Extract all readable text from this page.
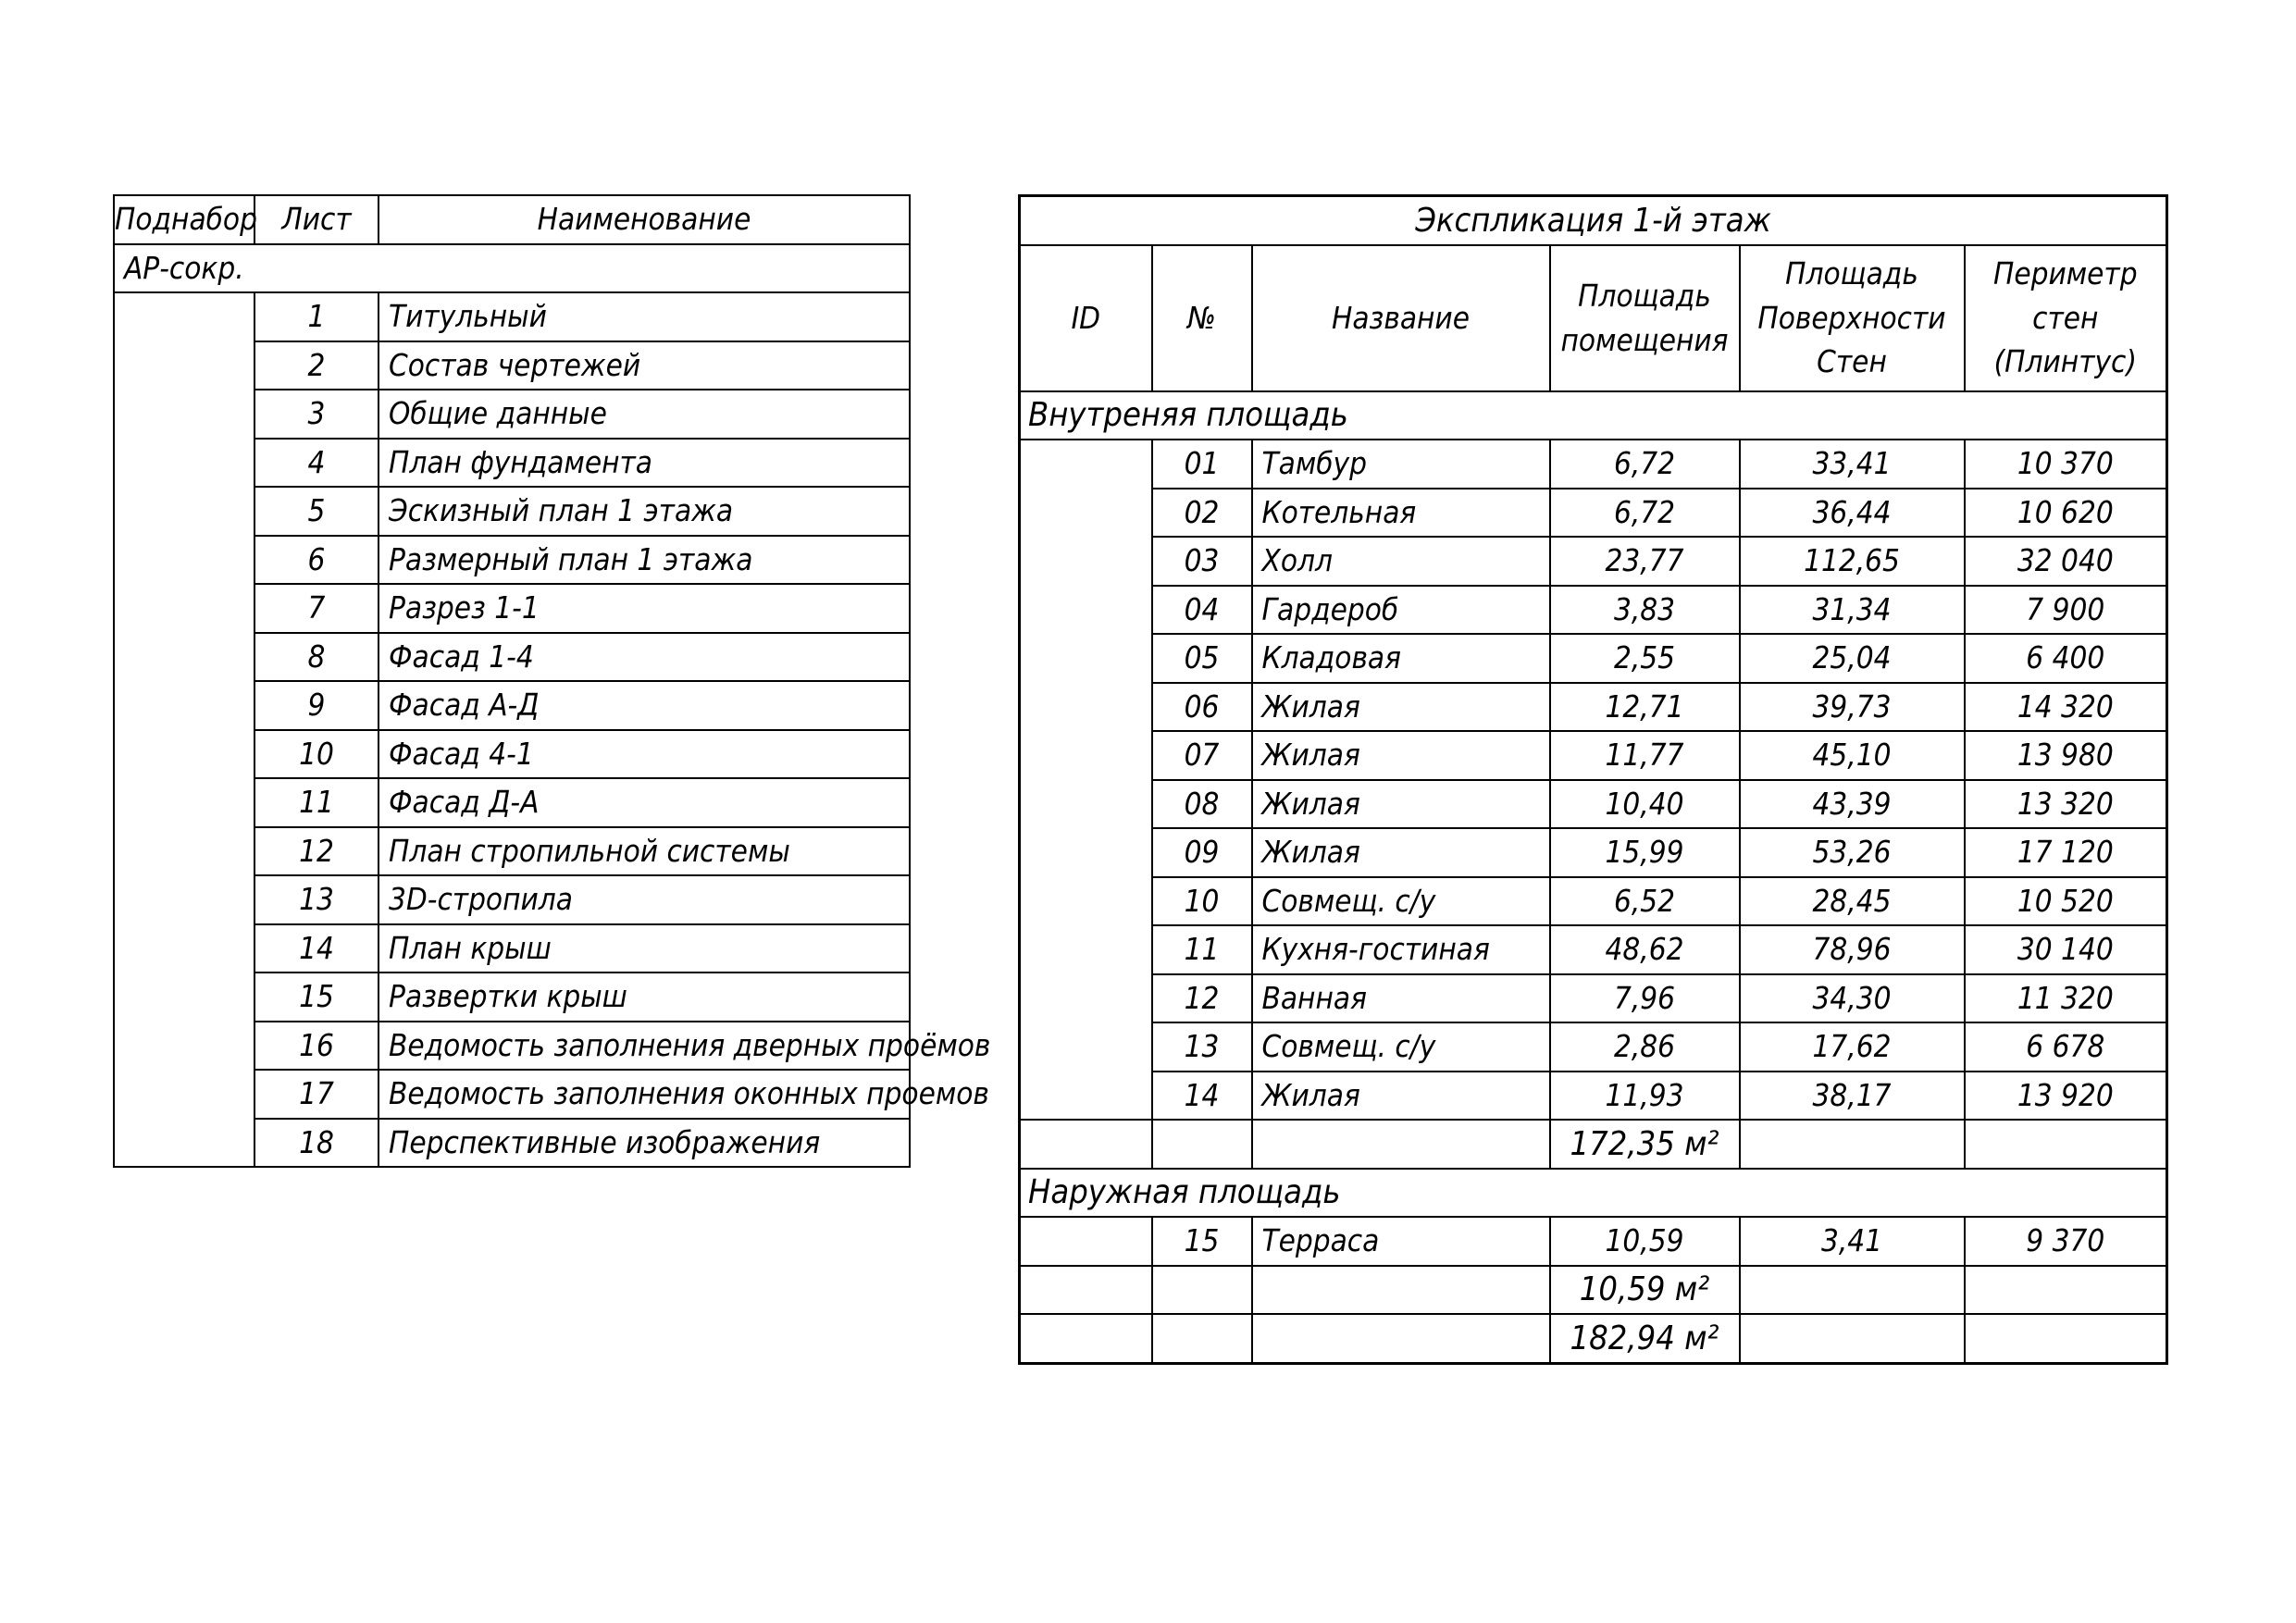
Поднабор	Лист	Наименование
АР-сокр.		
	1	Титульный
	2	Состав чертежей
	3	Общие данные
	4	План фундамента
	5	Эскизный план 1 этажа
	6	Размерный план 1 этажа
	7	Разрез 1-1
	8	Фасад 1-4
	9	Фасад А-Д
	10	Фасад 4-1
	11	Фасад Д-А
	12	План стропильной системы
	13	3D-стропила
	14	План крыш
	15	Развертки крыш
	16	Ведомость заполнения дверных проёмов
	17	Ведомость заполнения оконных проемов
	18	Перспективные изображения
Экспликация 1-й этаж					
ID	№	Название	Площадь помещения	Площадь Поверхности Стен	Периметр стен (Плинтус)
Внутреняя площадь					
	01	Тамбур	6,72	33,41	10 370
	02	Котельная	6,72	36,44	10 620
	03	Холл	23,77	112,65	32 040
	04	Гардероб	3,83	31,34	7 900
	05	Кладовая	2,55	25,04	6 400
	06	Жилая	12,71	39,73	14 320
	07	Жилая	11,77	45,10	13 980
	08	Жилая	10,40	43,39	13 320
	09	Жилая	15,99	53,26	17 120
	10	Совмещ. с/у	6,52	28,45	10 520
	11	Кухня-гостиная	48,62	78,96	30 140
	12	Ванная	7,96	34,30	11 320
	13	Совмещ. с/у	2,86	17,62	6 678
	14	Жилая	11,93	38,17	13 920
			172,35 м²		
Наружная площадь					
	15	Терраса	10,59	3,41	9 370
			10,59 м²		
			182,94 м²		
